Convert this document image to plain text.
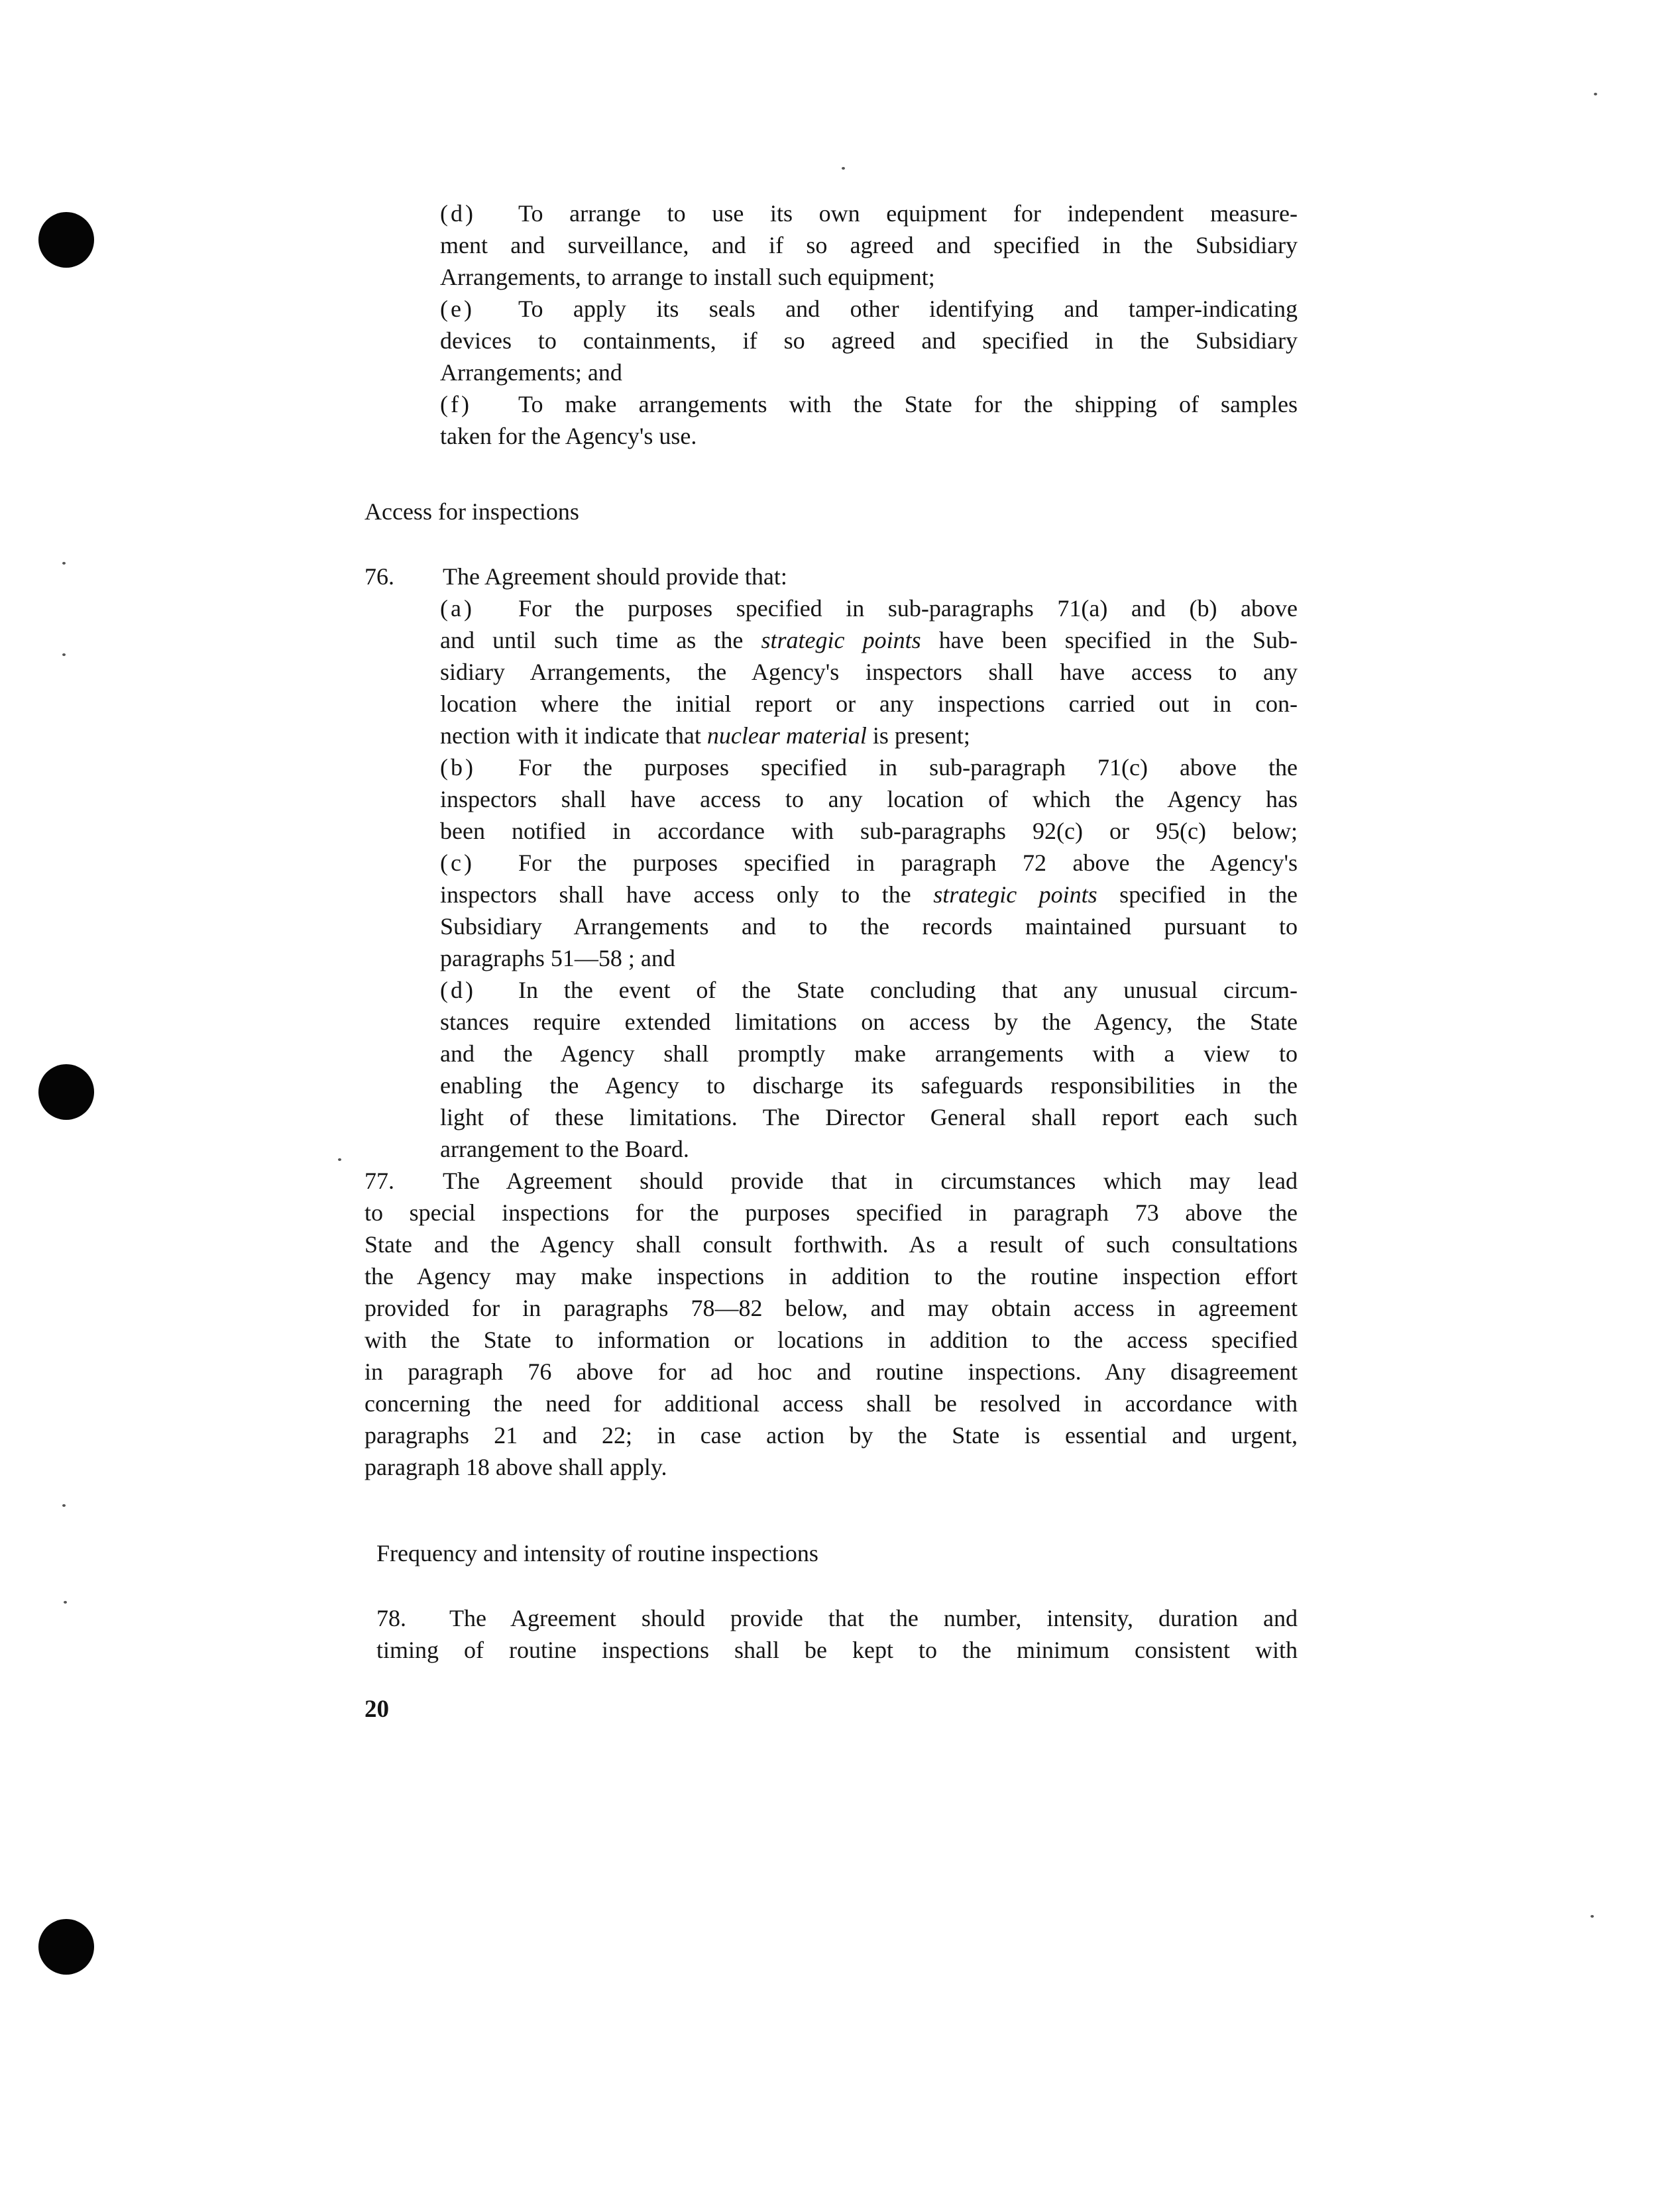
(d) To arrange to use its own equipment for independent measure-
ment and surveillance, and if so agreed and specified in the Subsidiary
Arrangements, to arrange to install such equipment;
(e) To apply its seals and other identifying and tamper-indicating
devices to containments, if so agreed and specified in the Subsidiary
Arrangements; and
(f) To make arrangements with the State for the shipping of samples
taken for the Agency's use.
Access for inspections
76. The Agreement should provide that:
(a) For the purposes specified in sub-paragraphs 71(a) and (b) above
and until such time as the strategic points have been specified in the Sub-
sidiary Arrangements, the Agency's inspectors shall have access to any
location where the initial report or any inspections carried out in con-
nection with it indicate that nuclear material is present;
(b) For the purposes specified in sub-paragraph 71(c) above the
inspectors shall have access to any location of which the Agency has
been notified in accordance with sub-paragraphs 92(c) or 95(c) below;
(c) For the purposes specified in paragraph 72 above the Agency's
inspectors shall have access only to the strategic points specified in the
Subsidiary Arrangements and to the records maintained pursuant to
paragraphs 51—58 ; and
(d) In the event of the State concluding that any unusual circum-
stances require extended limitations on access by the Agency, the State
and the Agency shall promptly make arrangements with a view to
enabling the Agency to discharge its safeguards responsibilities in the
light of these limitations. The Director General shall report each such
arrangement to the Board.
77. The Agreement should provide that in circumstances which may lead
to special inspections for the purposes specified in paragraph 73 above the
State and the Agency shall consult forthwith. As a result of such consultations
the Agency may make inspections in addition to the routine inspection effort
provided for in paragraphs 78—82 below, and may obtain access in agreement
with the State to information or locations in addition to the access specified
in paragraph 76 above for ad hoc and routine inspections. Any disagreement
concerning the need for additional access shall be resolved in accordance with
paragraphs 21 and 22; in case action by the State is essential and urgent,
paragraph 18 above shall apply.
Frequency and intensity of routine inspections
78. The Agreement should provide that the number, intensity, duration and
timing of routine inspections shall be kept to the minimum consistent with
20
